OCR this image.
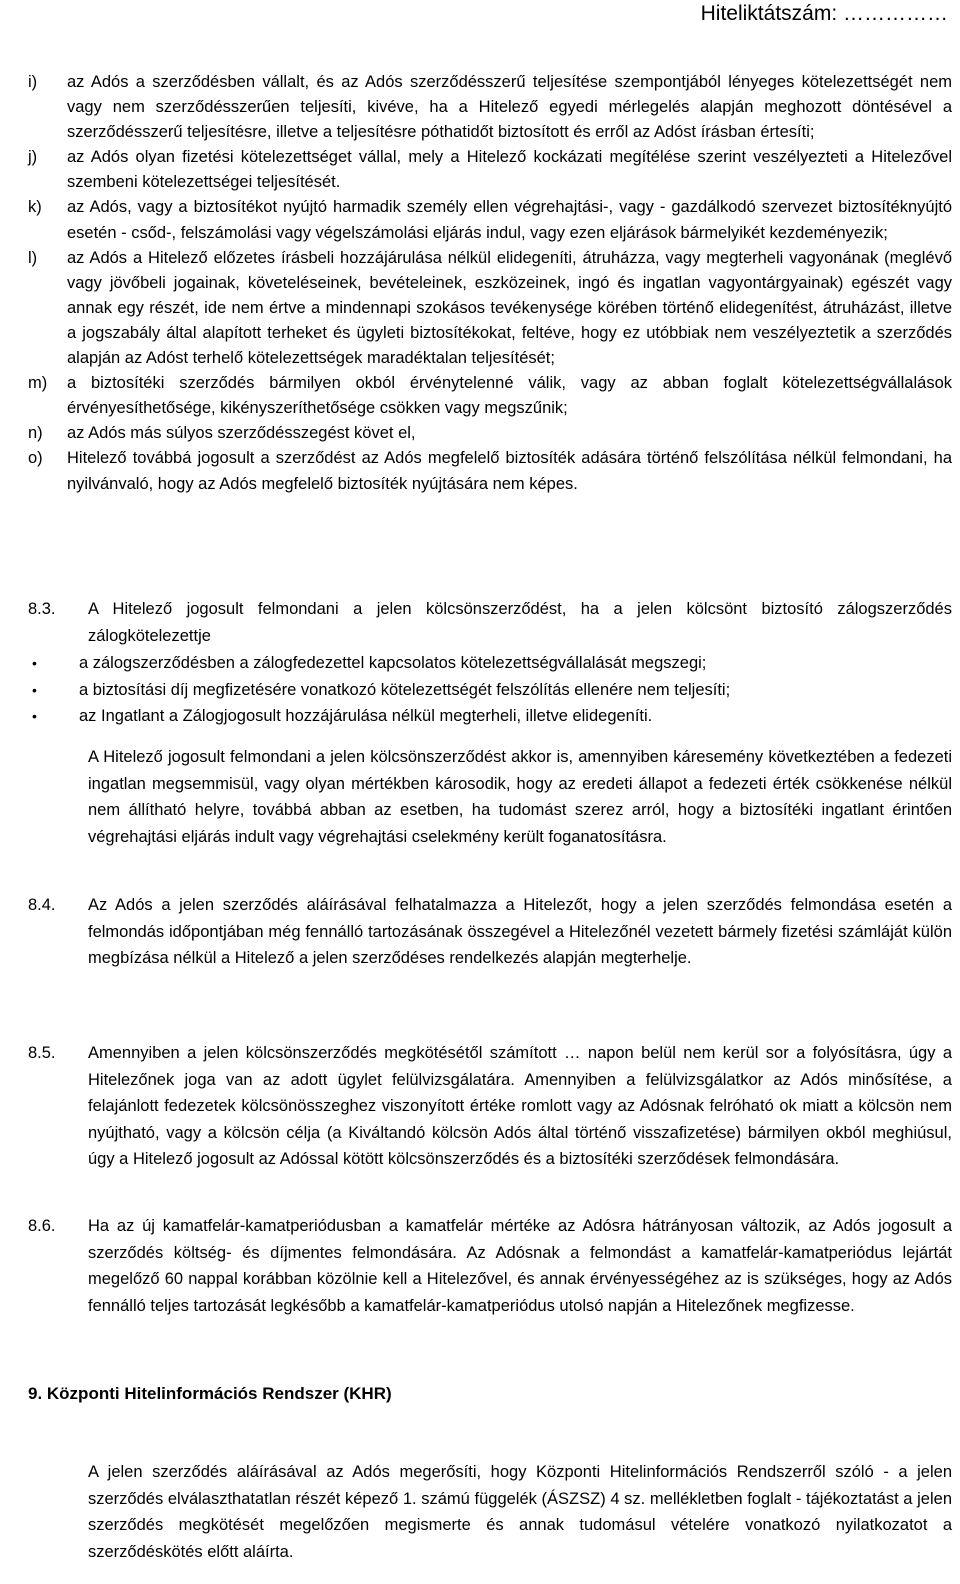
Hiteliktátszám: ……………
i)	az Adós a szerződésben vállalt, és az Adós szerződésszerű teljesítése szempontjából lényeges kötelezettségét nem vagy nem szerződésszerűen teljesíti, kivéve, ha a Hitelező egyedi mérlegelés alapján meghozott döntésével a szerződésszerű teljesítésre, illetve a teljesítésre póthatidőt biztosított és erről az Adóst írásban értesíti;
j)	az Adós olyan fizetési kötelezettséget vállal, mely a Hitelező kockázati megítélése szerint veszélyezteti a Hitelezővel szembeni kötelezettségei teljesítését.
k)	az Adós, vagy a biztosítékot nyújtó harmadik személy ellen végrehajtási-, vagy - gazdálkodó szervezet biztosítéknyújtó esetén - csőd-, felszámolási vagy végelszámolási eljárás indul, vagy ezen eljárások bármelyikét kezdeményezik;
l)	az Adós a Hitelező előzetes írásbeli hozzájárulása nélkül elidegeníti, átruházza, vagy megterheli vagyonának (meglévő vagy jövőbeli jogainak, követeléseinek, bevételeinek, eszközeinek, ingó és ingatlan vagyontárgyainak) egészét vagy annak egy részét, ide nem értve a mindennapi szokásos tevékenysége körében történő elidegenítést, átruházást, illetve a jogszabály által alapított terheket és ügyleti biztosítékokat, feltéve, hogy ez utóbbiak nem veszélyeztetik a szerződés alapján az Adóst terhelő kötelezettségek maradéktalan teljesítését;
m)	a biztosítéki szerződés bármilyen okból érvénytelenné válik, vagy az abban foglalt kötelezettségvállalások érvényesíthetősége, kikényszeríthetősége csökken vagy megszűnik;
n)	az Adós más súlyos szerződésszegést követ el,
o)	Hitelező továbbá jogosult a szerződést az Adós megfelelő biztosíték adására történő felszólítása nélkül felmondani, ha nyilvánvaló, hogy az Adós megfelelő biztosíték nyújtására nem képes.
8.3.	A Hitelező jogosult felmondani a jelen kölcsönszerződést, ha a jelen kölcsönt biztosító zálogszerződés zálogkötelezettje
•	a zálogszerződésben a zálogfedezettel kapcsolatos kötelezettségvállalását megszegi;
•	a biztosítási díj megfizetésére vonatkozó kötelezettségét felszólítás ellenére nem teljesíti;
•	az Ingatlant a Zálogjogosult hozzájárulása nélkül megterheli, illetve elidegeníti.
A Hitelező jogosult felmondani a jelen kölcsönszerződést akkor is, amennyiben káresemény következtében a fedezeti ingatlan megsemmisül, vagy olyan mértékben károsodik, hogy az eredeti állapot a fedezeti érték csökkenése nélkül nem állítható helyre, továbbá abban az esetben, ha tudomást szerez arról, hogy a biztosítéki ingatlant érintően végrehajtási eljárás indult vagy végrehajtási cselekmény került foganatosításra.
8.4.	Az Adós a jelen szerződés aláírásával felhatalmazza a Hitelezőt, hogy a jelen szerződés felmondása esetén a felmondás időpontjában még fennálló tartozásának összegével a Hitelezőnél vezetett bármely fizetési számláját külön megbízása nélkül a Hitelező a jelen szerződéses rendelkezés alapján megterhelje.
8.5.	Amennyiben a jelen kölcsönszerződés megkötésétől számított … napon belül nem kerül sor a folyósításra, úgy a Hitelezőnek joga van az adott ügylet felülvizsgálatára. Amennyiben a felülvizsgálatkor az Adós minősítése, a felajánlott fedezetek kölcsönösszeghez viszonyított értéke romlott vagy az Adósnak felróható ok miatt a kölcsön nem nyújtható, vagy a kölcsön célja (a Kiváltandó kölcsön Adós által történő visszafizetése) bármilyen okból meghiúsul, úgy a Hitelező jogosult az Adóssal kötött kölcsönszerződés és a biztosítéki szerződések felmondására.
8.6.	Ha az új kamatfelár-kamatperiódusban a kamatfelár mértéke az Adósra hátrányosan változik, az Adós jogosult a szerződés költség- és díjmentes felmondására. Az Adósnak a felmondást a kamatfelár-kamatperiódus lejártát megelőző 60 nappal korábban közölnie kell a Hitelezővel, és annak érvényességéhez az is szükséges, hogy az Adós fennálló teljes tartozását legkésőbb a kamatfelár-kamatperiódus utolsó napján a Hitelezőnek megfizesse.
9. Központi Hitelinformációs Rendszer (KHR)
A jelen szerződés aláírásával az Adós megerősíti, hogy Központi Hitelinformációs Rendszerről szóló - a jelen szerződés elválaszthatatlan részét képező 1. számú függelék (ÁSZSZ) 4 sz. mellékletben foglalt - tájékoztatást a jelen szerződés megkötését megelőzően megismerte és annak tudomásul vételére vonatkozó nyilatkozatot a szerződéskötés előtt aláírta.
